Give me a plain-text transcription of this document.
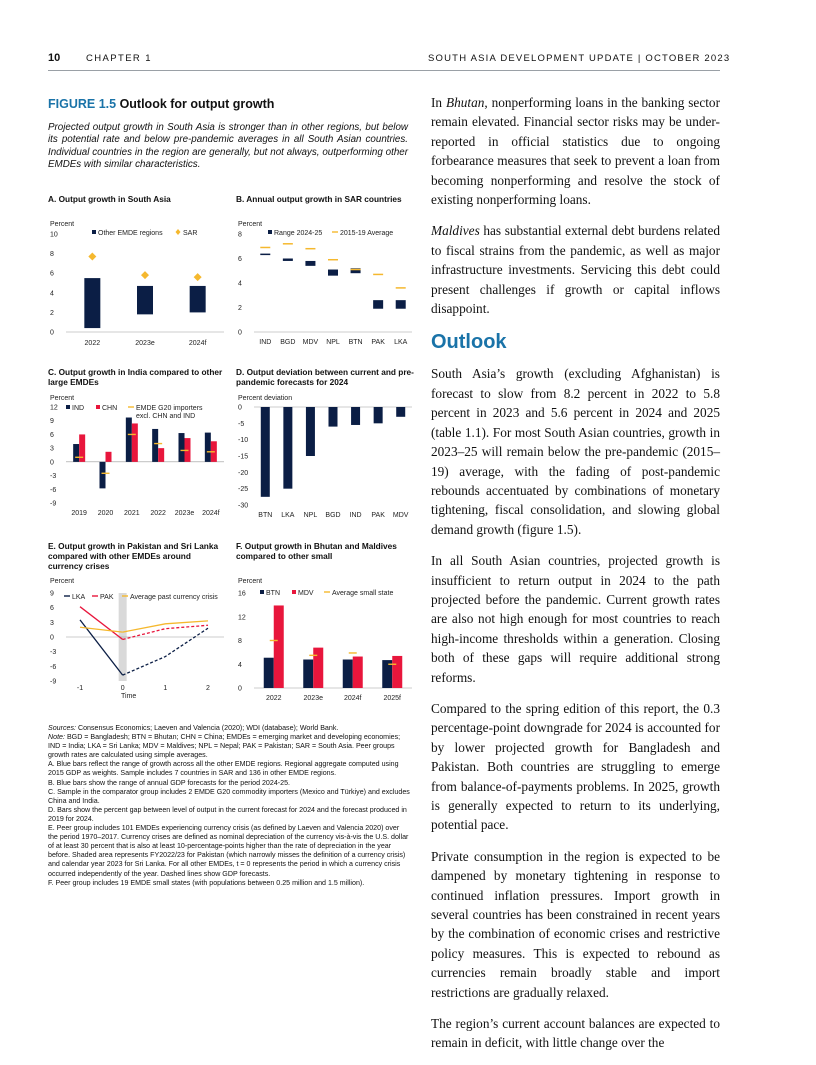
10	CHAPTER 1	SOUTH ASIA DEVELOPMENT UPDATE | OCTOBER 2023
FIGURE 1.5 Outlook for output growth
Projected output growth in South Asia is stronger than in other regions, but below its potential rate and below pre-pandemic averages in all South Asian countries. Individual countries in the region are generally, but not always, outperforming other EMDEs with similar characteristics.
A. Output growth in South Asia	B. Annual output growth in SAR countries
C. Output growth in India compared to other large EMDEs
D. Output deviation between current and pre-pandemic forecasts for 2024
E. Output growth in Pakistan and Sri Lanka compared with other EMDEs around currency crises
F. Output growth in Bhutan and Maldives compared to other small
Percent
10
8
6
4
2
0
Other EMDE regions	SAR
2022	2023e	2024f
Percent
8
6
4
2
0
Range 2024-25	2015-19 Average
IND BGD MDV NPL BTN PAK LKA
Percent
12
9
6
3
0
-3
-6
-9
IND	CHN	EMDE G20 importers
excl. CHN and IND
2019 2020 2021 2022 2023e 2024f
Percent deviation
0
-5
-10
-15
-20
-25
-30
BTN LKA NPL BGD IND PAK MDV
Percent
9
6
3
0
-3
-6
-9
LKA PAK Average past currency crisis
-1	0	1	2
Time
Percent
16
12
8
4
0
BTN	MDV	Average small state
2022	2023e	2024f	2025f

Sources: Consensus Economics; Laeven and Valencia (2020); WDI (database); World Bank.

Note: BGD = Bangladesh; BTN = Bhutan; CHN = China; EMDEs = emerging market and developing economies; IND = India; LKA = Sri Lanka; MDV = Maldives; NPL = Nepal; PAK = Pakistan; SAR = South Asia. Peer groups growth rates are calculated using simple averages.

A. Blue bars reflect the range of growth across all the other EMDE regions. Regional aggregate computed using 2015 GDP as weights. Sample includes 7 countries in SAR and 136 in other EMDE regions.

B. Blue bars show the range of annual GDP forecasts for the period 2024-25.

C. Sample in the comparator group includes 2 EMDE G20 commodity importers (Mexico and Türkiye) and excludes China and India.

D. Bars show the percent gap between level of output in the current forecast for 2024 and the forecast produced in 2019 for 2024.

E. Peer group includes 101 EMDEs experiencing currency crisis (as defined by Laeven and Valencia 2020) over the period 1970–2017. Currency crises are defined as nominal depreciation of the currency vis-à-vis the U.S. dollar of at least 30 percent that is also at least 10-percentage-points higher than the rate of depreciation in the year before. Shaded area represents FY2022/23 for Pakistan (which narrowly misses the definition of a currency crisis) and calendar year 2023 for Sri Lanka. For all other EMDEs, t = 0 represents the period in which a currency crisis occurred independently of the year. Dashed lines show GDP forecasts.

F. Peer group includes 19 EMDE small states (with populations between 0.25 million and 1.5 million).

In Bhutan, nonperforming loans in the banking sector remain elevated. Financial sector risks may be under-reported in official statistics due to ongoing forbearance measures that seek to prevent a loan from becoming nonperforming and resolve the stock of existing nonperforming loans.

Maldives has substantial external debt burdens related to fiscal strains from the pandemic, as well as major infrastructure investments. Servicing this debt could present challenges if growth or capital inflows disappoint.

Outlook

South Asia’s growth (excluding Afghanistan) is forecast to slow from 8.2 percent in 2022 to 5.8 percent in 2023 and 5.6 percent in 2024 and 2025 (table 1.1). For most South Asian countries, growth in 2023–25 will remain below the pre-pandemic (2015–19) average, with the fading of post-pandemic rebounds accentuated by combinations of monetary tightening, fiscal consolidation, and slowing global demand growth (figure 1.5).

In all South Asian countries, projected growth is insufficient to return output in 2024 to the path projected before the pandemic. Current growth rates are also not high enough for most countries to reach high-income thresholds within a generation. Closing both of these gaps will require additional strong reforms.

Compared to the spring edition of this report, the 0.3 percentage-point downgrade for 2024 is accounted for by lower projected growth for Bangladesh and Pakistan. Both countries are struggling to emerge from balance-of-payments problems. In 2025, growth is generally expected to return to its underlying, potential pace.

Private consumption in the region is expected to be dampened by monetary tightening in response to continued inflation pressures. Import growth in several countries has been constrained in recent years by the combination of economic crises and restrictive policy measures. This is expected to rebound as currencies remain broadly stable and import restrictions are gradually relaxed.

The region’s current account balances are expected to remain in deficit, with little change over the
